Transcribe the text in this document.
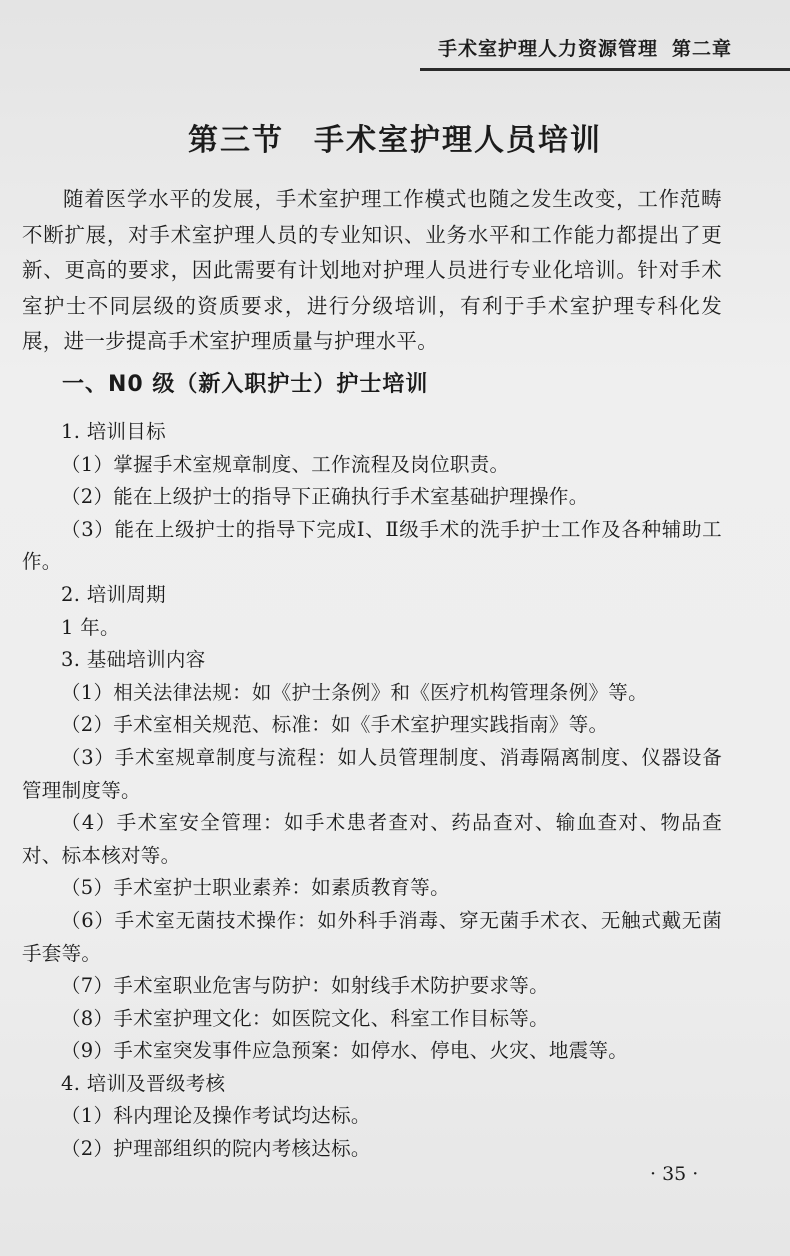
手术室护理人力资源管理 第二章
第三节 手术室护理人员培训
随着医学水平的发展，手术室护理工作模式也随之发生改变，工作范畴不断扩展，对手术室护理人员的专业知识、业务水平和工作能力都提出了更新、更高的要求，因此需要有计划地对护理人员进行专业化培训。针对手术室护士不同层级的资质要求，进行分级培训，有利于手术室护理专科化发展，进一步提高手术室护理质量与护理水平。
一、N0 级（新入职护士）护士培训

1. 培训目标

（1）掌握手术室规章制度、工作流程及岗位职责。

（2）能在上级护士的指导下正确执行手术室基础护理操作。

（3）能在上级护士的指导下完成Ⅰ、Ⅱ级手术的洗手护士工作及各种辅助工作。

2. 培训周期

1 年。

3. 基础培训内容

（1）相关法律法规：如《护士条例》和《医疗机构管理条例》等。

（2）手术室相关规范、标准：如《手术室护理实践指南》等。

（3）手术室规章制度与流程：如人员管理制度、消毒隔离制度、仪器设备管理制度等。

（4）手术室安全管理：如手术患者查对、药品查对、输血查对、物品查对、标本核对等。

（5）手术室护士职业素养：如素质教育等。

（6）手术室无菌技术操作：如外科手消毒、穿无菌手术衣、无触式戴无菌手套等。

（7）手术室职业危害与防护：如射线手术防护要求等。

（8）手术室护理文化：如医院文化、科室工作目标等。

（9）手术室突发事件应急预案：如停水、停电、火灾、地震等。

4. 培训及晋级考核

（1）科内理论及操作考试均达标。

（2）护理部组织的院内考核达标。

· 35 ·
